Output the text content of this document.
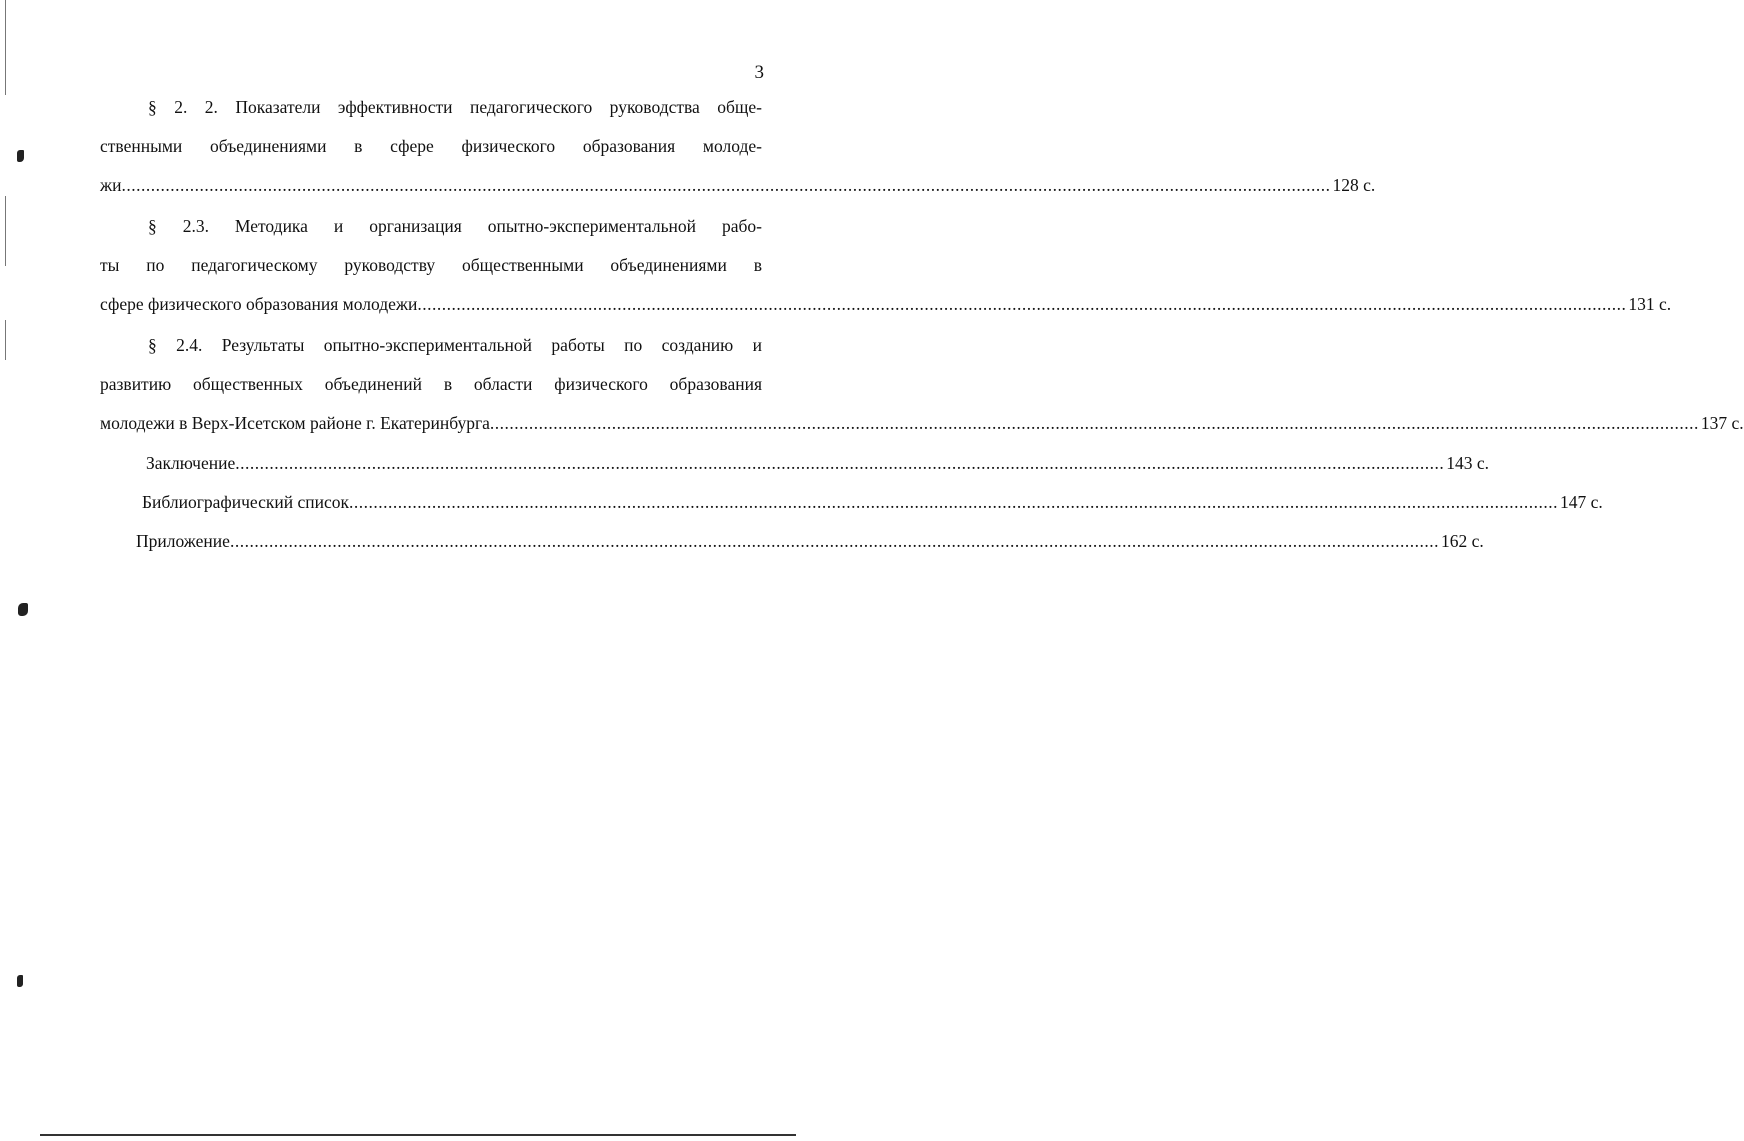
3
§ 2. 2. Показатели эффективности педагогического руководства обще-
ственными объединениями в сфере физического образования молоде-
жи ........................................................................................................................................................................................................................................................ 128 с.
§ 2.3. Методика и организация опытно-экспериментальной рабо-
ты по педагогическому руководству общественными объединениями в
сфере физического образования молодежи ........................................................................................................................................................................................................................................................ 131 с.
§ 2.4. Результаты опытно-экспериментальной работы по созданию и
развитию общественных объединений в области физического образования
молодежи в Верх-Исетском районе г. Екатеринбурга ........................................................................................................................................................................................................................................................ 137 с.
Заключение ........................................................................................................................................................................................................................................................ 143 с.
Библиографический список ........................................................................................................................................................................................................................................................ 147 с.
Приложение ........................................................................................................................................................................................................................................................ 162 с.
